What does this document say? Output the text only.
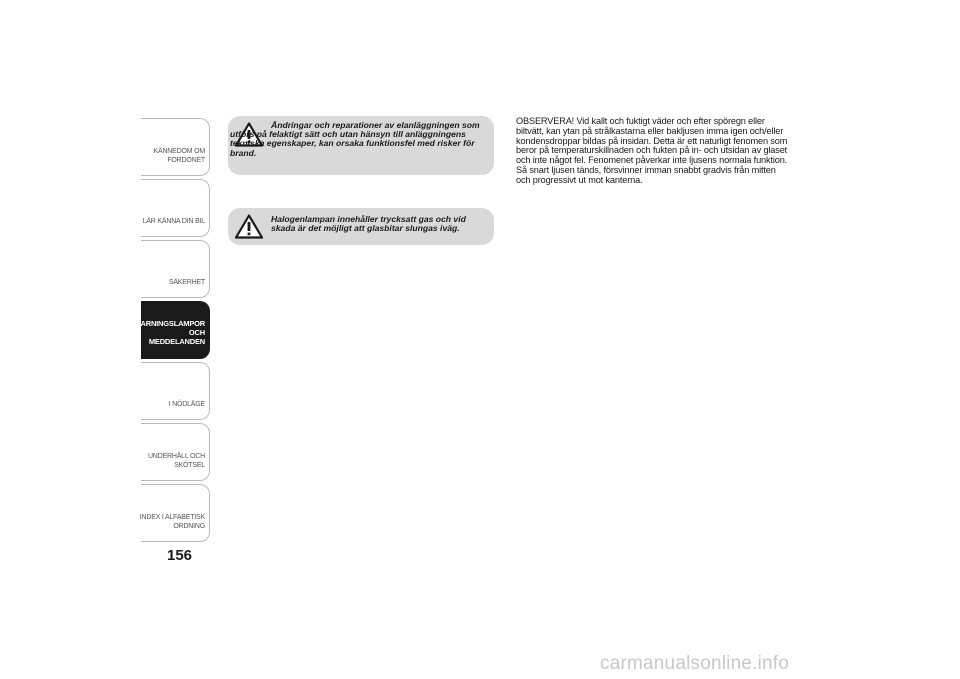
KÄNNEDOM OM
FORDONET
LÄR KÄNNA DIN BIL
SÄKERHET
VARNINGSLAMPOR
OCH
MEDDELANDEN
I NÖDLÄGE
UNDERHÅLL OCH
SKÖTSEL
INDEX I ALFABETISK
ORDNING
156

Ändringar och reparationer av elanläggningen som utförs på felaktigt sätt och utan hänsyn till anläggningens tekniska egenskaper, kan orsaka funktionsfel med risker för brand.

Halogenlampan innehåller trycksatt gas och vid skada är det möjligt att glasbitar slungas iväg.

OBSERVERA! Vid kallt och fuktigt väder och efter spöregn eller biltvätt, kan ytan på strålkastarna eller bakljusen imma igen och/eller kondensdroppar bildas på insidan. Detta är ett naturligt fenomen som beror på temperaturskillnaden och fukten på in- och utsidan av glaset och inte något fel. Fenomenet påverkar inte ljusens normala funktion. Så snart ljusen tänds, försvinner imman snabbt gradvis från mitten och progressivt ut mot kanterna.

carmanualsonline.info
